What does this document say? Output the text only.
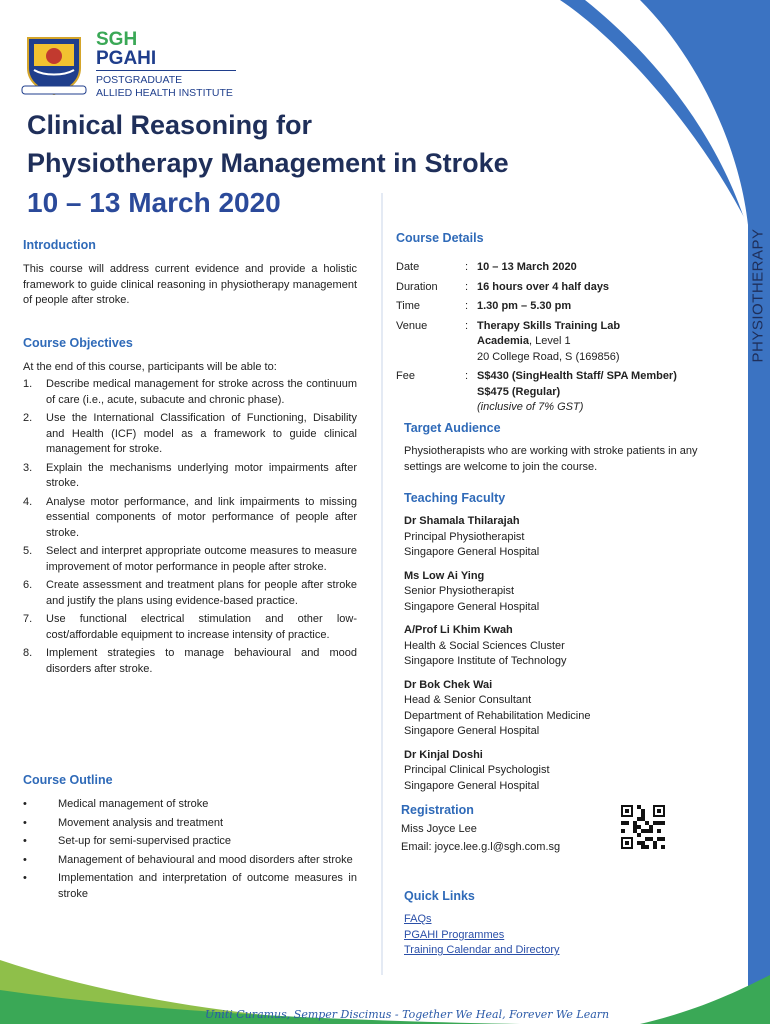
SGH
PGAHI
POSTGRADUATE
ALLIED HEALTH INSTITUTE
Clinical Reasoning for
Physiotherapy Management in Stroke
10 – 13 March 2020
PHYSIOTHERAPY
Introduction
This course will address current evidence and provide a holistic framework to guide clinical reasoning in physiotherapy management of people after stroke.
Course Objectives
At the end of this course, participants will be able to:
1. Describe medical management for stroke across the continuum of care (i.e., acute, subacute and chronic phase).
2. Use the International Classification of Functioning, Disability and Health (ICF) model as a framework to guide clinical management for stroke.
3. Explain the mechanisms underlying motor impairments after stroke.
4. Analyse motor performance, and link impairments to missing essential components of motor performance of people after stroke.
5. Select and interpret appropriate outcome measures to measure improvement of motor performance in people after stroke.
6. Create assessment and treatment plans for people after stroke and justify the plans using evidence-based practice.
7. Use functional electrical stimulation and other low-cost/affordable equipment to increase intensity of practice.
8. Implement strategies to manage behavioural and mood disorders after stroke.
Course Outline
•	Medical management of stroke
•	Movement analysis and treatment
•	Set-up for semi-supervised practice
•	Management of behavioural and mood disorders after stroke
•	Implementation and interpretation of outcome measures in stroke
Course Details
Date	: 10 – 13 March 2020
Duration	: 16 hours over 4 half days
Time	: 1.30 pm – 5.30 pm
Venue	: Therapy Skills Training Lab
Academia, Level 1
20 College Road, S (169856)
Fee	: S$430 (SingHealth Staff/ SPA Member)
S$475 (Regular)
(inclusive of 7% GST)
Target Audience
Physiotherapists who are working with stroke patients in any settings are welcome to join the course.
Teaching Faculty
Dr Shamala Thilarajah
Principal Physiotherapist
Singapore General Hospital
Ms Low Ai Ying
Senior Physiotherapist
Singapore General Hospital
A/Prof Li Khim Kwah
Health & Social Sciences Cluster
Singapore Institute of Technology
Dr Bok Chek Wai
Head & Senior Consultant
Department of Rehabilitation Medicine
Singapore General Hospital
Dr Kinjal Doshi
Principal Clinical Psychologist
Singapore General Hospital
Registration
Miss Joyce Lee
Email: joyce.lee.g.l@sgh.com.sg
Quick Links
FAQs
PGAHI Programmes
Training Calendar and Directory
Uniti Curamus, Semper Discimus - Together We Heal, Forever We Learn
